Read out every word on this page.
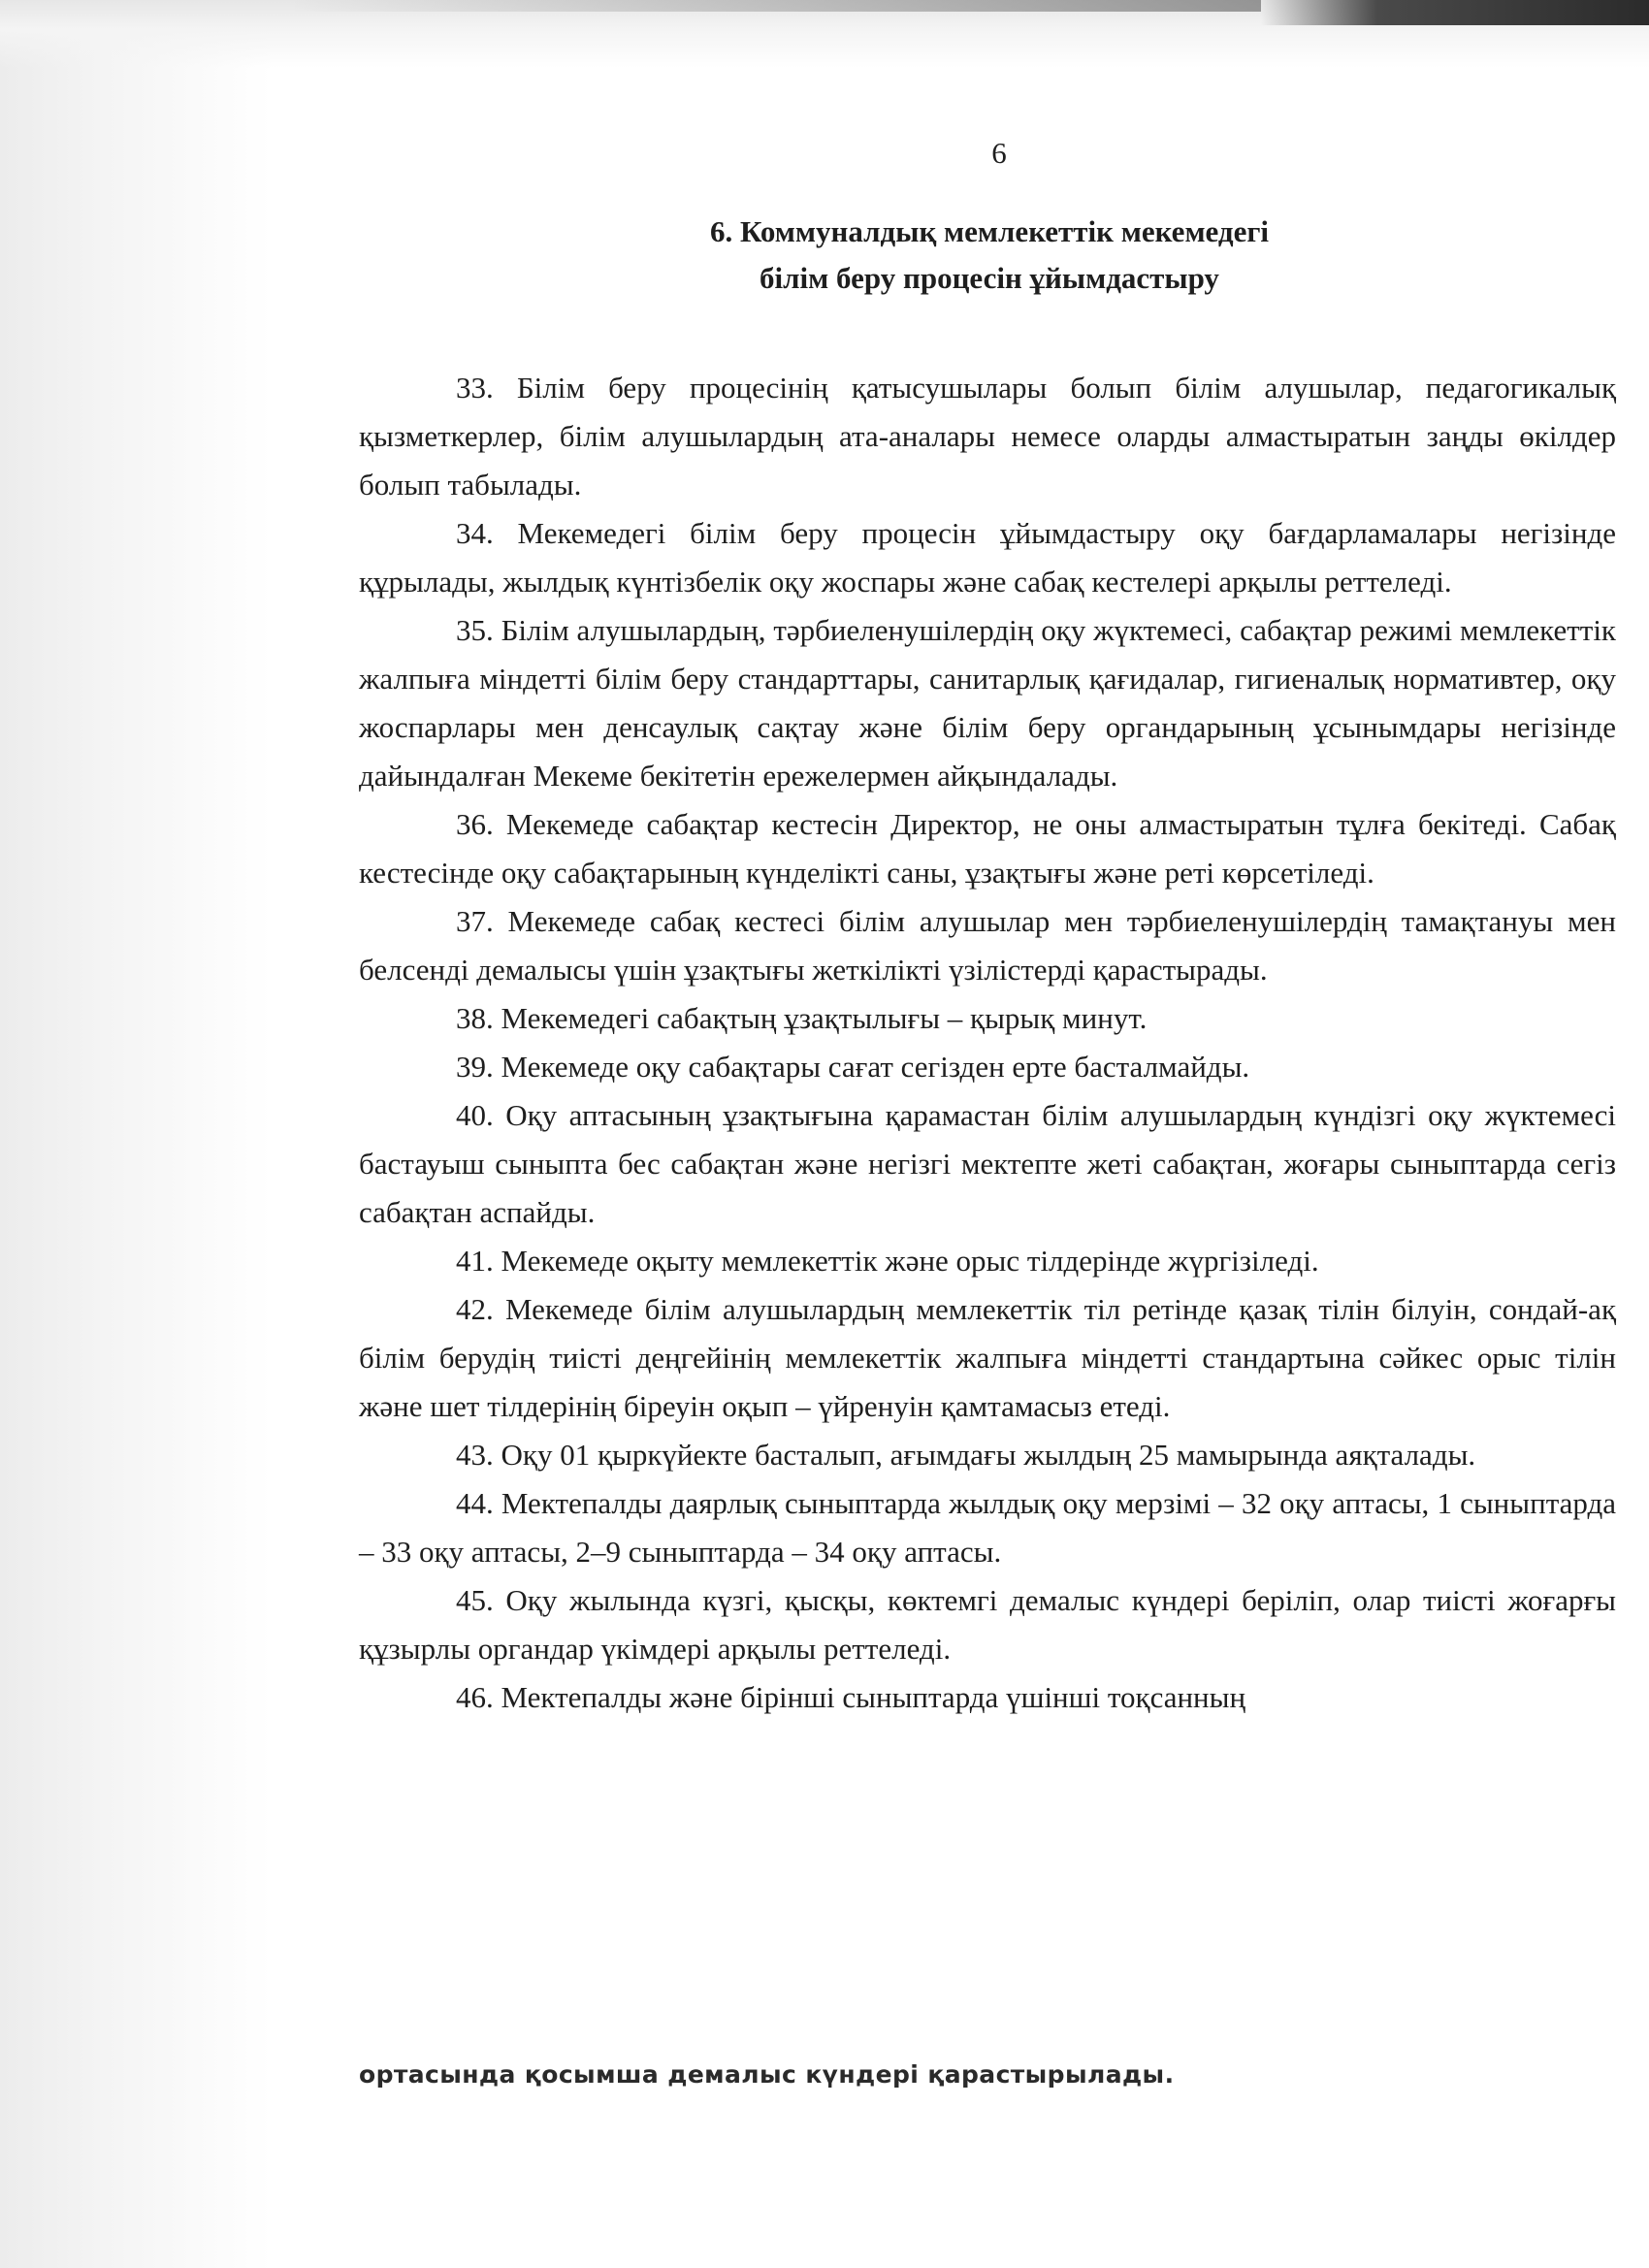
6
6. Коммуналдық мемлекеттік мекемедегі
білім беру процесін ұйымдастыру

33. Білім беру процесінің қатысушылары болып білім алушылар, педагогикалық қызметкерлер, білім алушылардың ата-аналары немесе оларды алмастыратын заңды өкілдер болып табылады.

34. Мекемедегі білім беру процесін ұйымдастыру оқу бағдарламалары негізінде құрылады, жылдық күнтізбелік оқу жоспары және сабақ кестелері арқылы реттеледі.

35. Білім алушылардың, тәрбиеленушілердің оқу жүктемесі, сабақтар режимі мемлекеттік жалпыға міндетті білім беру стандарттары, санитарлық қағидалар, гигиеналық нормативтер, оқу жоспарлары мен денсаулық сақтау және білім беру органдарының ұсынымдары негізінде дайындалған Мекеме бекітетін ережелермен айқындалады.

36. Мекемеде сабақтар кестесін Директор, не оны алмастыратын тұлға бекітеді. Сабақ кестесінде оқу сабақтарының күнделікті саны, ұзақтығы және реті көрсетіледі.

37. Мекемеде сабақ кестесі білім алушылар мен тәрбиеленушілердің тамақтануы мен белсенді демалысы үшін ұзақтығы жеткілікті үзілістерді қарастырады.

38. Мекемедегі сабақтың ұзақтылығы – қырық минут.

39. Мекемеде оқу сабақтары сағат сегізден ерте басталмайды.

40. Оқу аптасының ұзақтығына қарамастан білім алушылардың күндізгі оқу жүктемесі бастауыш сыныпта бес сабақтан және негізгі мектепте жеті сабақтан, жоғары сыныптарда сегіз сабақтан аспайды.

41. Мекемеде оқыту мемлекеттік және орыс тілдерінде жүргізіледі.

42. Мекемеде білім алушылардың мемлекеттік тіл ретінде қазақ тілін білуін, сондай-ақ білім берудің тиісті деңгейінің мемлекеттік жалпыға міндетті стандартына сәйкес орыс тілін және шет тілдерінің біреуін оқып – үйренуін қамтамасыз етеді.

43. Оқу 01 қыркүйекте басталып, ағымдағы жылдың 25 мамырында аяқталады.

44. Мектепалды даярлық сыныптарда жылдық оқу мерзімі – 32 оқу аптасы, 1 сыныптарда – 33 оқу аптасы, 2–9 сыныптарда – 34 оқу аптасы.

45. Оқу жылында күзгі, қысқы, көктемгі демалыс күндері беріліп, олар тиісті жоғарғы құзырлы органдар үкімдері арқылы реттеледі.

46. Мектепалды және бірінші сыныптарда үшінші тоқсанның

ортасында қосымша демалыс күндері қарастырылады.
